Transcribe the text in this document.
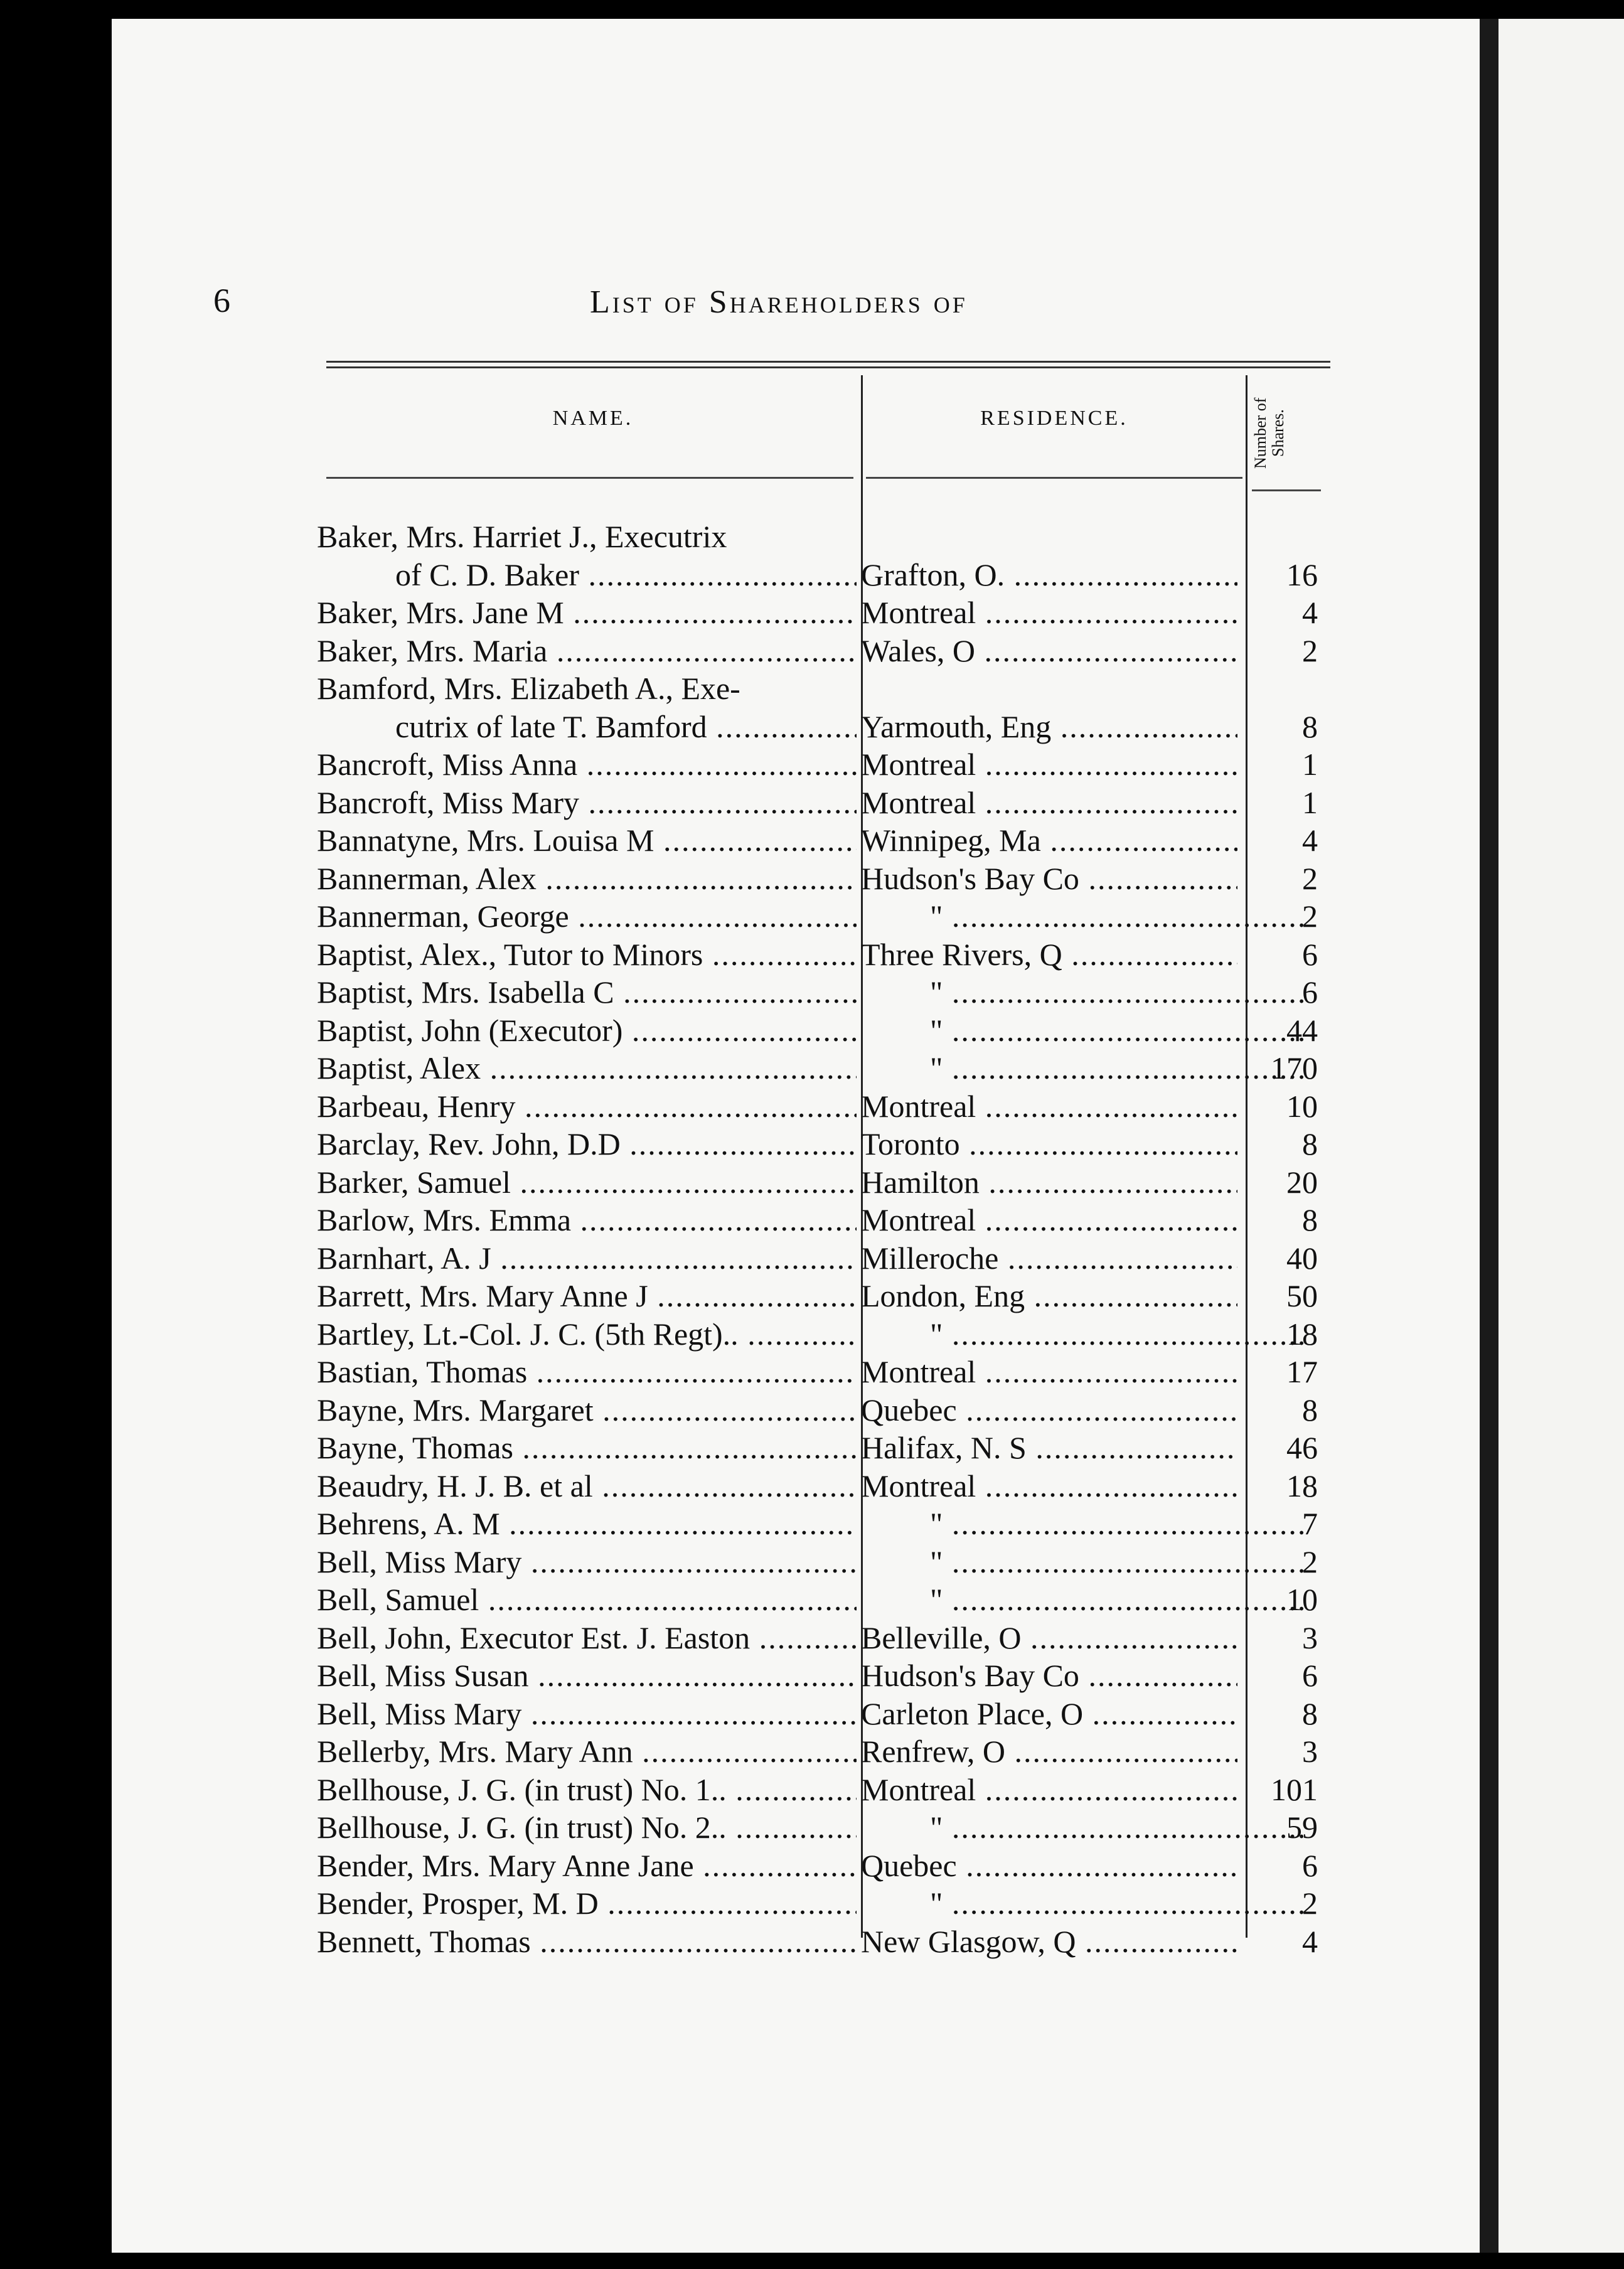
6	List of Shareholders of
NAME.	RESIDENCE.	Number of Shares.
Baker, Mrs. Harriet J., Executrix
of C. D. Baker .....	Grafton, O. .....	16
Baker, Mrs. Jane M .....	Montreal .....	4
Baker, Mrs. Maria .....	Wales, O .....	2
Bamford, Mrs. Elizabeth A., Exe-
cutrix of late T. Bamford .....	Yarmouth, Eng .....	8
Bancroft, Miss Anna .....	Montreal .....	1
Bancroft, Miss Mary .....	Montreal .....	1
Bannatyne, Mrs. Louisa M .....	Winnipeg, Ma .....	4
Bannerman, Alex .....	Hudson's Bay Co .....	2
Bannerman, George .....	" .....	2
Baptist, Alex., Tutor to Minors .....	Three Rivers, Q .....	6
Baptist, Mrs. Isabella C .....	" .....	6
Baptist, John (Executor) .....	" .....	44
Baptist, Alex .....	" .....	170
Barbeau, Henry .....	Montreal .....	10
Barclay, Rev. John, D.D .....	Toronto .....	8
Barker, Samuel .....	Hamilton .....	20
Barlow, Mrs. Emma .....	Montreal .....	8
Barnhart, A. J .....	Milleroche .....	40
Barrett, Mrs. Mary Anne J .....	London, Eng .....	50
Bartley, Lt.-Col. J. C. (5th Regt).. .....	" .....	18
Bastian, Thomas .....	Montreal .....	17
Bayne, Mrs. Margaret .....	Quebec .....	8
Bayne, Thomas .....	Halifax, N. S .....	46
Beaudry, H. J. B. et al .....	Montreal .....	18
Behrens, A. M .....	" .....	7
Bell, Miss Mary .....	" .....	2
Bell, Samuel .....	" .....	10
Bell, John, Executor Est. J. Easton .....	Belleville, O .....	3
Bell, Miss Susan .....	Hudson's Bay Co .....	6
Bell, Miss Mary .....	Carleton Place, O .....	8
Bellerby, Mrs. Mary Ann .....	Renfrew, O .....	3
Bellhouse, J. G. (in trust) No. 1.. .....	Montreal .....	101
Bellhouse, J. G. (in trust) No. 2.. .....	" .....	59
Bender, Mrs. Mary Anne Jane .....	Quebec .....	6
Bender, Prosper, M. D .....	" .....	2
Bennett, Thomas .....	New Glasgow, Q .....	4
